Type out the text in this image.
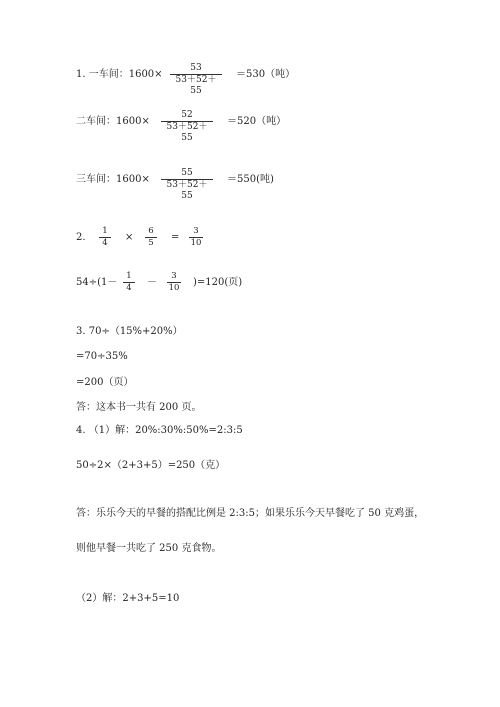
1. 一车间：1600×
53
53＋52＋55
＝530（吨）
二车间：1600×
52
53＋52＋55
＝520（吨）
三车间：1600×
55
53＋52＋55
＝550(吨)
2.
1
4	×
6
5	=
3
10
54÷(1－
1
4	－
3
10 )=120(页)
3. 70÷（15%+20%）
=70÷35%
=200（页）
答：这本书一共有 200 页。
4. （1）解：20%:30%:50%=2:3:5
50÷2×（2+3+5）=250（克）
答：乐乐今天的早餐的搭配比例是 2:3:5；如果乐乐今天早餐吃了 50 克鸡蛋，
则他早餐一共吃了 250 克食物。
（2）解：2+3+5=10
